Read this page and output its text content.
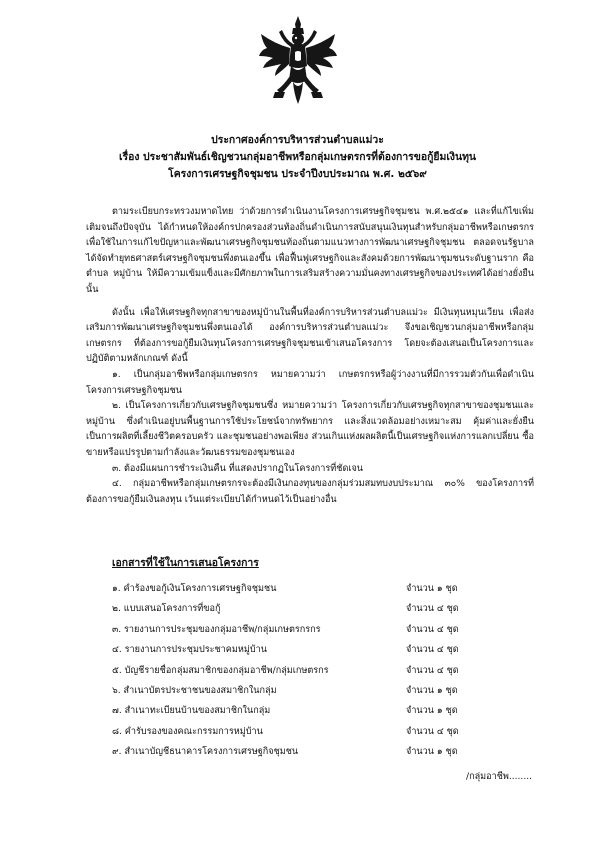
ประกาศองค์การบริหารส่วนตำบลแม่วะ
เรื่อง ประชาสัมพันธ์เชิญชวนกลุ่มอาชีพหรือกลุ่มเกษตรกรที่ต้องการขอกู้ยืมเงินทุน
โครงการเศรษฐกิจชุมชน ประจำปีงบประมาณ พ.ศ. ๒๕๖๙

ตามระเบียบกระทรวงมหาดไทย ว่าด้วยการดำเนินงานโครงการเศรษฐกิจชุมชน พ.ศ.๒๕๔๑ และที่แก้ไขเพิ่มเติมจนถึงปัจจุบัน ได้กำหนดให้องค์กรปกครองส่วนท้องถิ่นดำเนินการสนับสนุนเงินทุนสำหรับกลุ่มอาชีพหรือเกษตรกร เพื่อใช้ในการแก้ไขปัญหาและพัฒนาเศรษฐกิจชุมชนท้องถิ่นตามแนวทางการพัฒนาเศรษฐกิจชุมชน ตลอดจนรัฐบาลได้จัดทำยุทธศาสตร์เศรษฐกิจชุมชนพึ่งตนเองขึ้น เพื่อฟื้นฟูเศรษฐกิจและสังคมด้วยการพัฒนาชุมชนระดับฐานราก คือ ตำบล หมู่บ้าน ให้มีความเข้มแข็งและมีศักยภาพในการเสริมสร้างความมั่นคงทางเศรษฐกิจของประเทศได้อย่างยั่งยืน นั้น

ดังนั้น เพื่อให้เศรษฐกิจทุกสาขาของหมู่บ้านในพื้นที่องค์การบริหารส่วนตำบลแม่วะ มีเงินทุนหมุนเวียน เพื่อส่งเสริมการพัฒนาเศรษฐกิจชุมชนพึ่งตนเองได้ องค์การบริหารส่วนตำบลแม่วะ จึงขอเชิญชวนกลุ่มอาชีพหรือกลุ่มเกษตรกร ที่ต้องการขอกู้ยืมเงินทุนโครงการเศรษฐกิจชุมชนเข้าเสนอโครงการ โดยจะต้องเสนอเป็นโครงการและปฏิบัติตามหลักเกณฑ์ ดังนี้

๑. เป็นกลุ่มอาชีพหรือกลุ่มเกษตรกร หมายความว่า เกษตรกรหรือผู้ว่างงานที่มีการรวมตัวกันเพื่อดำเนินโครงการเศรษฐกิจชุมชน

๒. เป็นโครงการเกี่ยวกับเศรษฐกิจชุมชนซึ่ง หมายความว่า โครงการเกี่ยวกับเศรษฐกิจทุกสาขาของชุมชนและหมู่บ้าน ซึ่งดำเนินอยู่บนพื้นฐานการใช้ประโยชน์จากทรัพยากร และสิ่งแวดล้อมอย่างเหมาะสม คุ้มค่าและยั่งยืน เป็นการผลิตที่เลี้ยงชีวิตครอบครัว และชุมชนอย่างพอเพียง ส่วนเกินแห่งผลผลิตนี้เป็นเศรษฐกิจแห่งการแลกเปลี่ยน ซื้อขายหรือแปรรูปตามกำลังและวัฒนธรรมของชุมชนเอง

๓. ต้องมีแผนการชำระเงินคืน ที่แสดงปรากฏในโครงการที่ชัดเจน

๔. กลุ่มอาชีพหรือกลุ่มเกษตรกรจะต้องมีเงินกองทุนของกลุ่มร่วมสมทบงบประมาณ ๓๐% ของโครงการที่ต้องการขอกู้ยืมเงินลงทุน เว้นแต่ระเบียบได้กำหนดไว้เป็นอย่างอื่น

เอกสารที่ใช้ในการเสนอโครงการ
๑. คำร้องขอกู้เงินโครงการเศรษฐกิจชุมชน	จำนวน ๑ ชุด
๒. แบบเสนอโครงการที่ขอกู้	จำนวน ๔ ชุด
๓. รายงานการประชุมของกลุ่มอาชีพ/กลุ่มเกษตรกรกร	จำนวน ๔ ชุด
๔. รายงานการประชุมประชาคมหมู่บ้าน	จำนวน ๔ ชุด
๕. บัญชีรายชื่อกลุ่มสมาชิกของกลุ่มอาชีพ/กลุ่มเกษตรกร	จำนวน ๔ ชุด
๖. สำเนาบัตรประชาชนของสมาชิกในกลุ่ม	จำนวน ๑ ชุด
๗. สำเนาทะเบียนบ้านของสมาชิกในกลุ่ม	จำนวน ๑ ชุด
๘. คำรับรองของคณะกรรมการหมู่บ้าน	จำนวน ๔ ชุด
๙. สำเนาบัญชีธนาคารโครงการเศรษฐกิจชุมชน	จำนวน ๑ ชุด
/กลุ่มอาชีพ........
